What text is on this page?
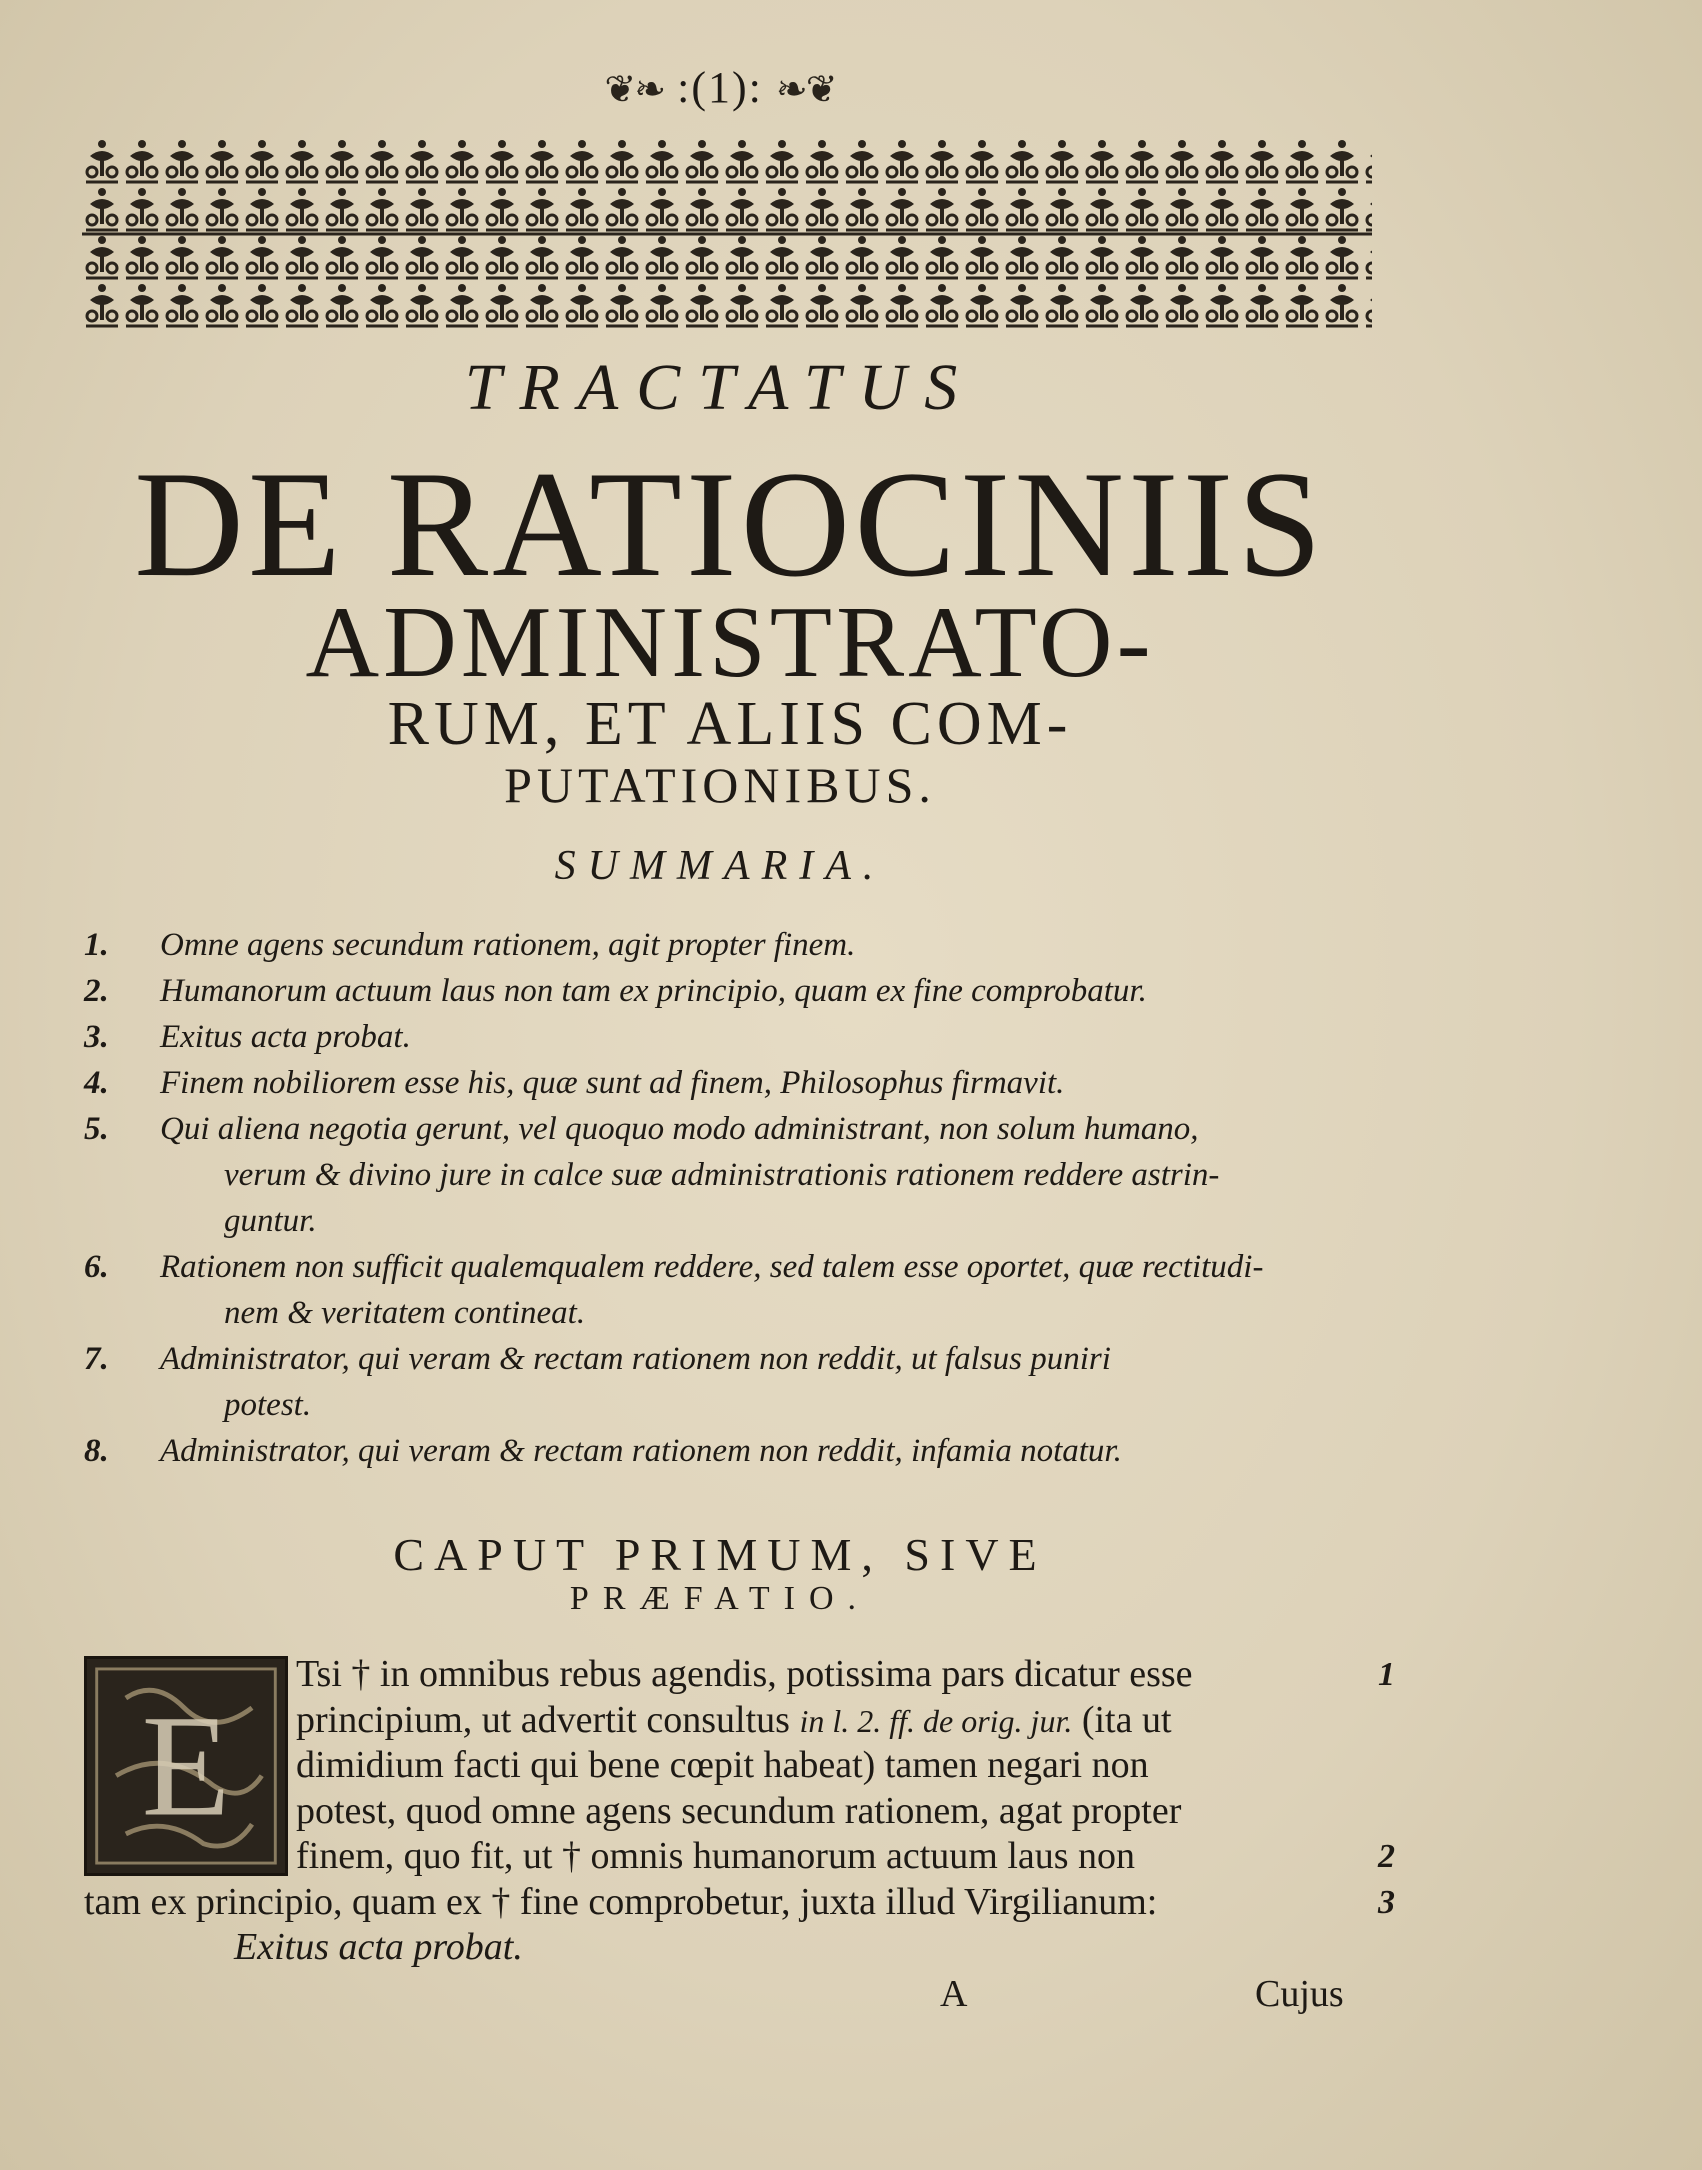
❦❧ :(1): ❧❦
TRACTATUS
DE RATIOCINIIS
ADMINISTRATO-
RUM, ET ALIIS COM-
PUTATIONIBUS.
SUMMARIA.
1. Omne agens secundum rationem, agit propter finem.
2. Humanorum actuum laus non tam ex principio, quam ex fine comprobatur.
3. Exitus acta probat.
4. Finem nobiliorem esse his, quæ sunt ad finem, Philosophus firmavit.
5. Qui aliena negotia gerunt, vel quoquo modo administrant, non solum humano,
verum & divino jure in calce suæ administrationis rationem reddere astrin-
guntur.
6. Rationem non sufficit qualemqualem reddere, sed talem esse oportet, quæ rectitudi-
nem & veritatem contineat.
7. Administrator, qui veram & rectam rationem non reddit, ut falsus puniri
potest.
8. Administrator, qui veram & rectam rationem non reddit, infamia notatur.
CAPUT PRIMUM, SIVE
PRÆFATIO.
E
Tsi † in omnibus rebus agendis, potissima pars dicatur esse
principium, ut advertit consultus in l. 2. ff. de orig. jur. (ita ut
dimidium facti qui bene cœpit habeat) tamen negari non
potest, quod omne agens secundum rationem, agat propter
finem, quo fit, ut † omnis humanorum actuum laus non
tam ex principio, quam ex † fine comprobetur, juxta illud Virgilianum:
Exitus acta probat.
1
2
3
A	Cujus
